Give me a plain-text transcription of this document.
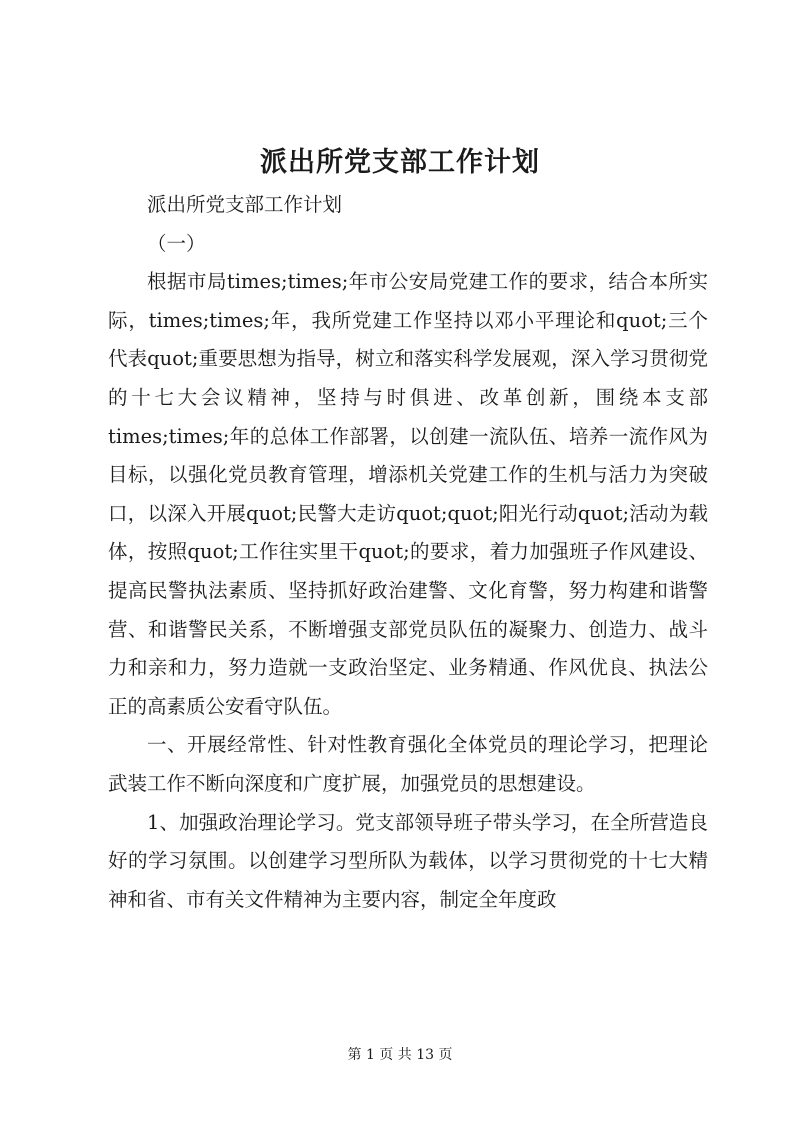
派出所党支部工作计划

派出所党支部工作计划

（一）

根据市局times;times;年市公安局党建工作的要求，结合本所实际，times;times;年，我所党建工作坚持以邓小平理论和quot;三个代表quot;重要思想为指导，树立和落实科学发展观，深入学习贯彻党的十七大会议精神，坚持与时俱进、改革创新，围绕本支部times;times;年的总体工作部署，以创建一流队伍、培养一流作风为目标，以强化党员教育管理，增添机关党建工作的生机与活力为突破口，以深入开展quot;民警大走访quot;quot;阳光行动quot;活动为载体，按照quot;工作往实里干quot;的要求，着力加强班子作风建设、提高民警执法素质、坚持抓好政治建警、文化育警，努力构建和谐警营、和谐警民关系，不断增强支部党员队伍的凝聚力、创造力、战斗力和亲和力，努力造就一支政治坚定、业务精通、作风优良、执法公正的高素质公安看守队伍。

一、开展经常性、针对性教育强化全体党员的理论学习，把理论武装工作不断向深度和广度扩展，加强党员的思想建设。

1、加强政治理论学习。党支部领导班子带头学习，在全所营造良好的学习氛围。以创建学习型所队为载体，以学习贯彻党的十七大精神和省、市有关文件精神为主要内容，制定全年度政

第 1 页 共 13 页
